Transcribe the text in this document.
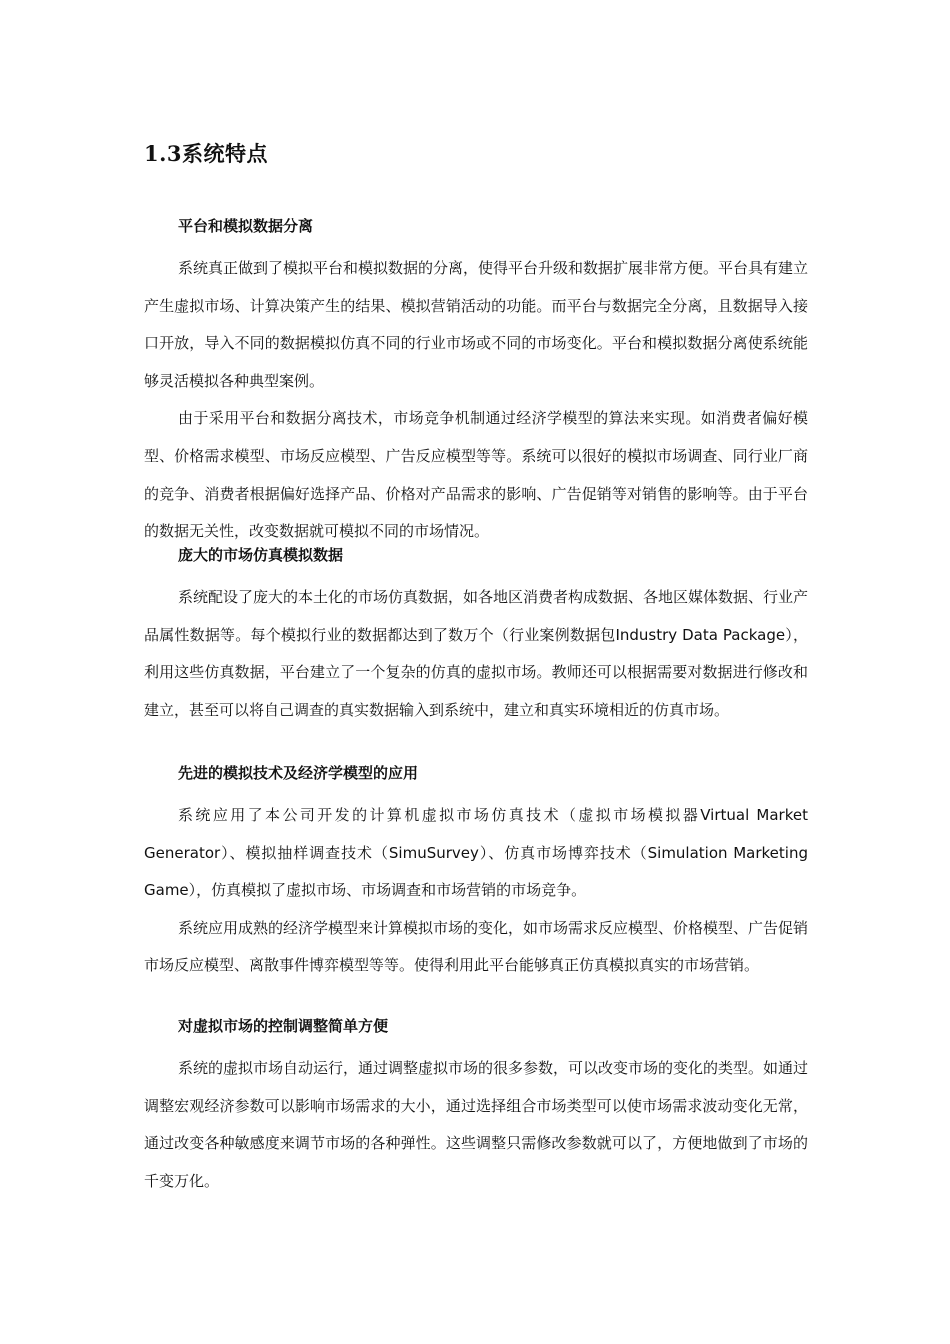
1.3系统特点

平台和模拟数据分离

系统真正做到了模拟平台和模拟数据的分离，使得平台升级和数据扩展非常方便。平台具有建立产生虚拟市场、计算决策产生的结果、模拟营销活动的功能。而平台与数据完全分离，且数据导入接口开放，导入不同的数据模拟仿真不同的行业市场或不同的市场变化。平台和模拟数据分离使系统能够灵活模拟各种典型案例。

由于采用平台和数据分离技术，市场竞争机制通过经济学模型的算法来实现。如消费者偏好模型、价格需求模型、市场反应模型、广告反应模型等等。系统可以很好的模拟市场调查、同行业厂商的竞争、消费者根据偏好选择产品、价格对产品需求的影响、广告促销等对销售的影响等。由于平台的数据无关性，改变数据就可模拟不同的市场情况。

庞大的市场仿真模拟数据

系统配设了庞大的本土化的市场仿真数据，如各地区消费者构成数据、各地区媒体数据、行业产品属性数据等。每个模拟行业的数据都达到了数万个（行业案例数据包Industry Data Package），利用这些仿真数据，平台建立了一个复杂的仿真的虚拟市场。教师还可以根据需要对数据进行修改和建立，甚至可以将自己调查的真实数据输入到系统中，建立和真实环境相近的仿真市场。

先进的模拟技术及经济学模型的应用

系统应用了本公司开发的计算机虚拟市场仿真技术（虚拟市场模拟器Virtual Market Generator）、模拟抽样调查技术（SimuSurvey）、仿真市场博弈技术（Simulation Marketing Game），仿真模拟了虚拟市场、市场调查和市场营销的市场竞争。

系统应用成熟的经济学模型来计算模拟市场的变化，如市场需求反应模型、价格模型、广告促销市场反应模型、离散事件博弈模型等等。使得利用此平台能够真正仿真模拟真实的市场营销。

对虚拟市场的控制调整简单方便

系统的虚拟市场自动运行，通过调整虚拟市场的很多参数，可以改变市场的变化的类型。如通过调整宏观经济参数可以影响市场需求的大小，通过选择组合市场类型可以使市场需求波动变化无常，通过改变各种敏感度来调节市场的各种弹性。这些调整只需修改参数就可以了，方便地做到了市场的千变万化。
